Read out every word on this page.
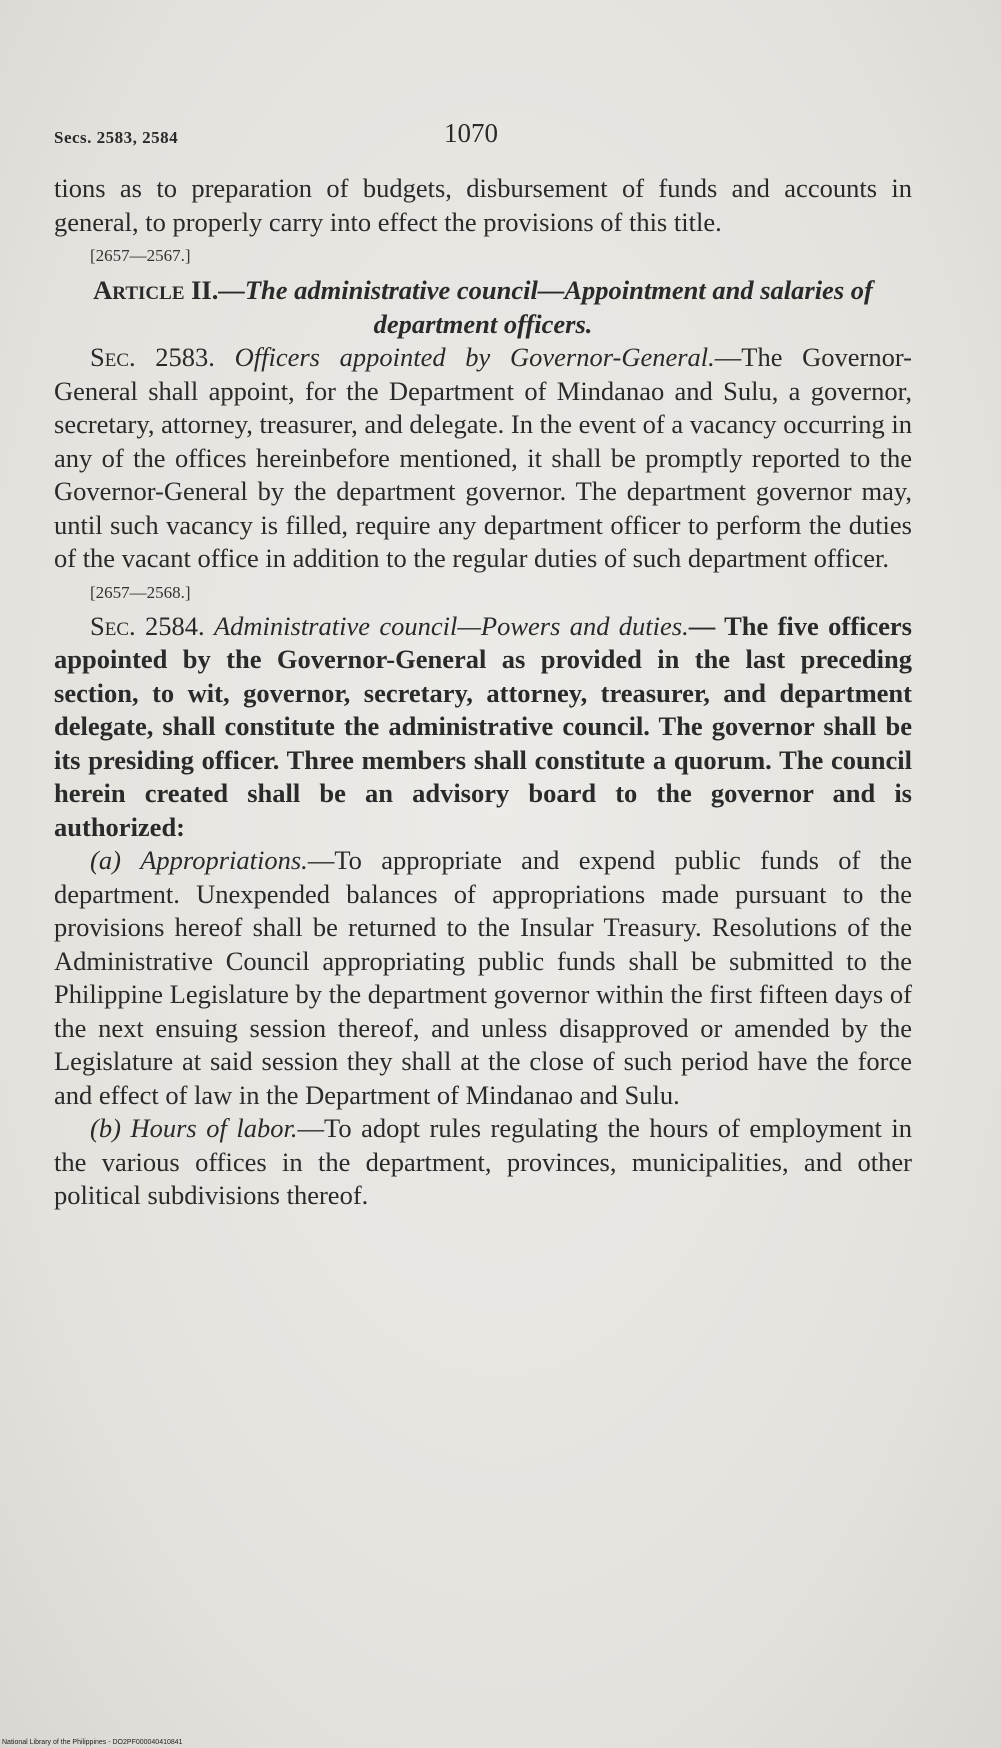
Secs. 2583, 2584	1070

tions as to preparation of budgets, disbursement of funds and accounts in general, to properly carry into effect the provisions of this title.

[2657—2567.]

Article II.—The administrative council—Appointment and salaries of department officers.

Sec. 2583. Officers appointed by Governor-General.—The Governor-General shall appoint, for the Department of Mindanao and Sulu, a governor, secretary, attorney, treasurer, and delegate. In the event of a vacancy occurring in any of the offices hereinbefore mentioned, it shall be promptly reported to the Governor-General by the department governor. The department governor may, until such vacancy is filled, require any department officer to perform the duties of the vacant office in addition to the regular duties of such department officer.

[2657—2568.]

Sec. 2584. Administrative council—Powers and duties.— The five officers appointed by the Governor-General as provided in the last preceding section, to wit, governor, secretary, attorney, treasurer, and department delegate, shall constitute the administrative council. The governor shall be its presiding officer. Three members shall constitute a quorum. The council herein created shall be an advisory board to the governor and is authorized:

(a) Appropriations.—To appropriate and expend public funds of the department. Unexpended balances of appropriations made pursuant to the provisions hereof shall be returned to the Insular Treasury. Resolutions of the Administrative Council appropriating public funds shall be submitted to the Philippine Legislature by the department governor within the first fifteen days of the next ensuing session thereof, and unless disapproved or amended by the Legislature at said session they shall at the close of such period have the force and effect of law in the Department of Mindanao and Sulu.

(b) Hours of labor.—To adopt rules regulating the hours of employment in the various offices in the department, provinces, municipalities, and other political subdivisions thereof.

National Library of the Philippines - DO2PF000040410841
